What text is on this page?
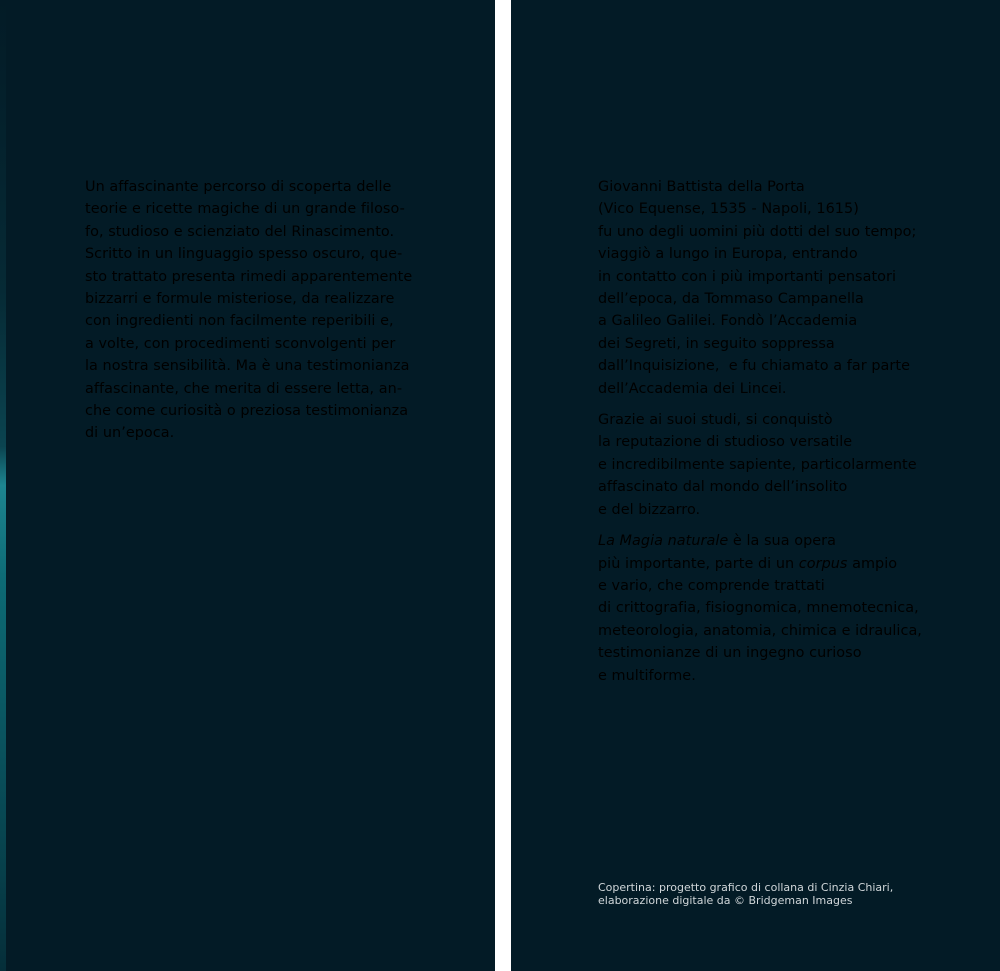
Un affascinante percorso di scoperta delle
teorie e ricette magiche di un grande filoso-
fo, studioso e scienziato del Rinascimento.
Scritto in un linguaggio spesso oscuro, que-
sto trattato presenta rimedi apparentemente
bizzarri e formule misteriose, da realizzare
con ingredienti non facilmente reperibili e,
a volte, con procedimenti sconvolgenti per
la nostra sensibilità. Ma è una testimonianza
affascinante, che merita di essere letta, an-
che come curiosità o preziosa testimonianza
di un’epoca.
Giovanni Battista della Porta
(Vico Equense, 1535 - Napoli, 1615)
fu uno degli uomini più dotti del suo tempo;
viaggiò a lungo in Europa, entrando
in contatto con i più importanti pensatori
dell’epoca, da Tommaso Campanella
a Galileo Galilei. Fondò l’Accademia
dei Segreti, in seguito soppressa
dall’Inquisizione,  e fu chiamato a far parte
dell’Accademia dei Lincei.
Grazie ai suoi studi, si conquistò
la reputazione di studioso versatile
e incredibilmente sapiente, particolarmente
affascinato dal mondo dell’insolito
e del bizzarro.
La Magia naturale è la sua opera
più importante, parte di un corpus ampio
e vario, che comprende trattati
di crittografia, fisiognomica, mnemotecnica,
meteorologia, anatomia, chimica e idraulica,
testimonianze di un ingegno curioso
e multiforme.
Copertina: progetto grafico di collana di Cinzia Chiari,
elaborazione digitale da © Bridgeman Images
